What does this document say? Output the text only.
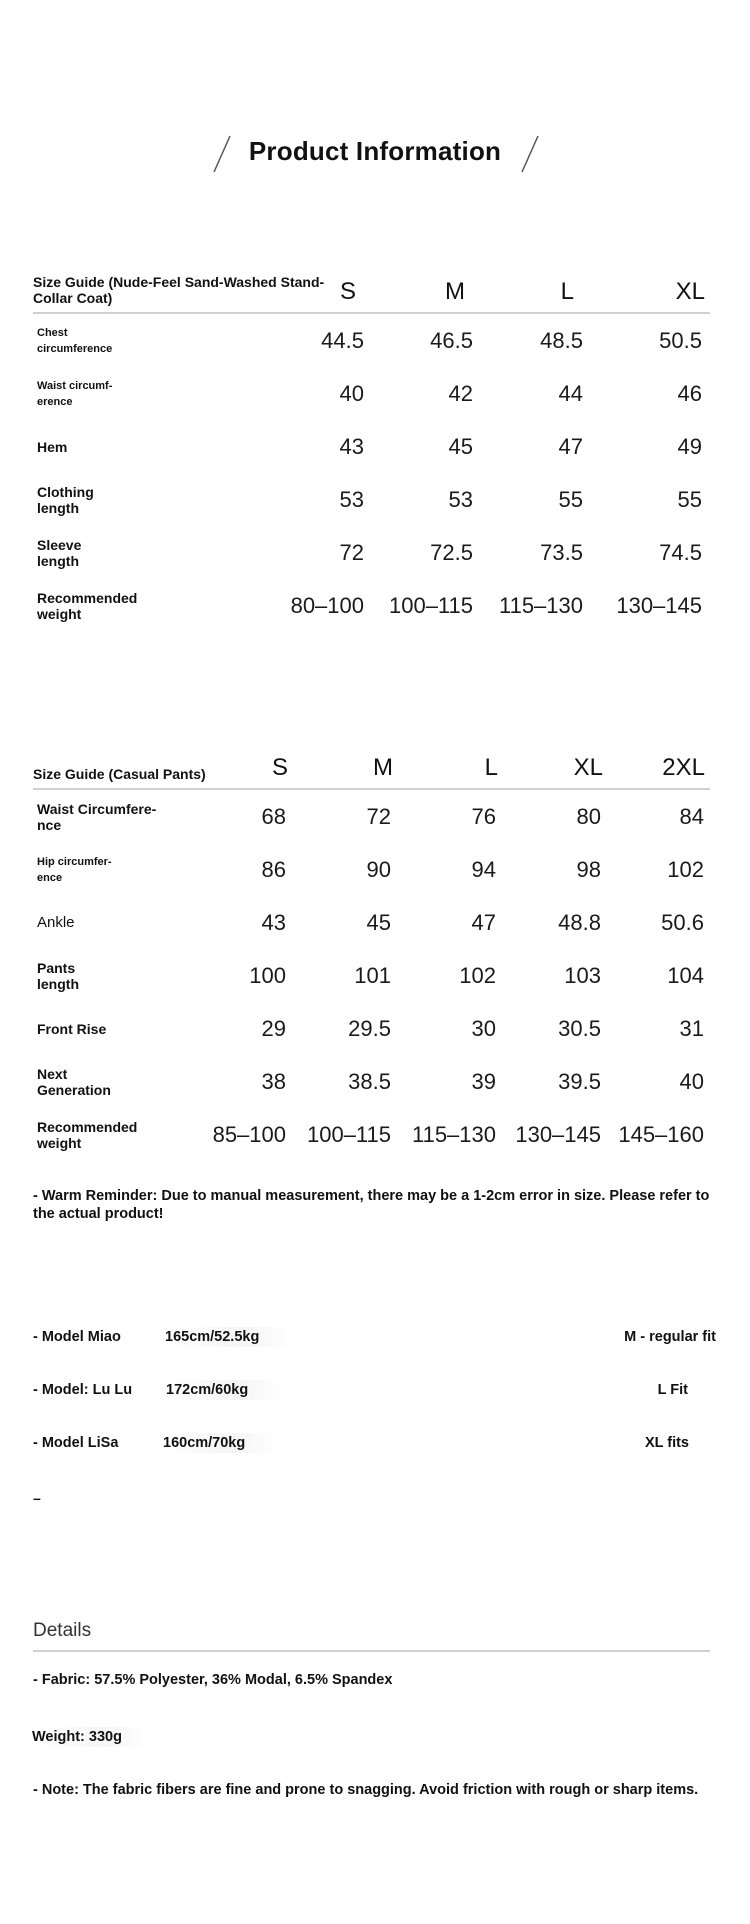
Product Information
Size Guide (Nude-Feel Sand-Washed Stand-Collar Coat)	S	M	L	XL
Chest circumference	44.5	46.5	48.5	50.5
Waist circumf-erence	40	42	44	46
Hem	43	45	47	49
Clothing length	53	53	55	55
Sleeve length	72	72.5	73.5	74.5
Recommended weight	80–100 100–115 115–130 130–145
Size Guide (Casual Pants)	S	M	L	XL 2XL
Waist Circumfere-nce	68	72	76	80	84
Hip circumfer-ence	86	90	94	98	102
Ankle	43	45	47	48.8	50.6
Pants length	100	101	102	103	104
Front Rise	29	29.5	30	30.5	31
Next Generation	38	38.5	39	39.5	40
Recommended weight	85–100 100–115 115–130 130–145 145–160
- Warm Reminder: Due to manual measurement, there may be a 1-2cm error in size. Please refer to the actual product!
- Model Miao	165cm/52.5kg	M - regular fit
- Model: Lu Lu 172cm/60kg	L Fit
- Model LiSa	160cm/70kg	XL fits
–
Details
- Fabric: 57.5% Polyester, 36% Modal, 6.5% Spandex
Weight: 330g
- Note: The fabric fibers are fine and prone to snagging. Avoid friction with rough or sharp items.
